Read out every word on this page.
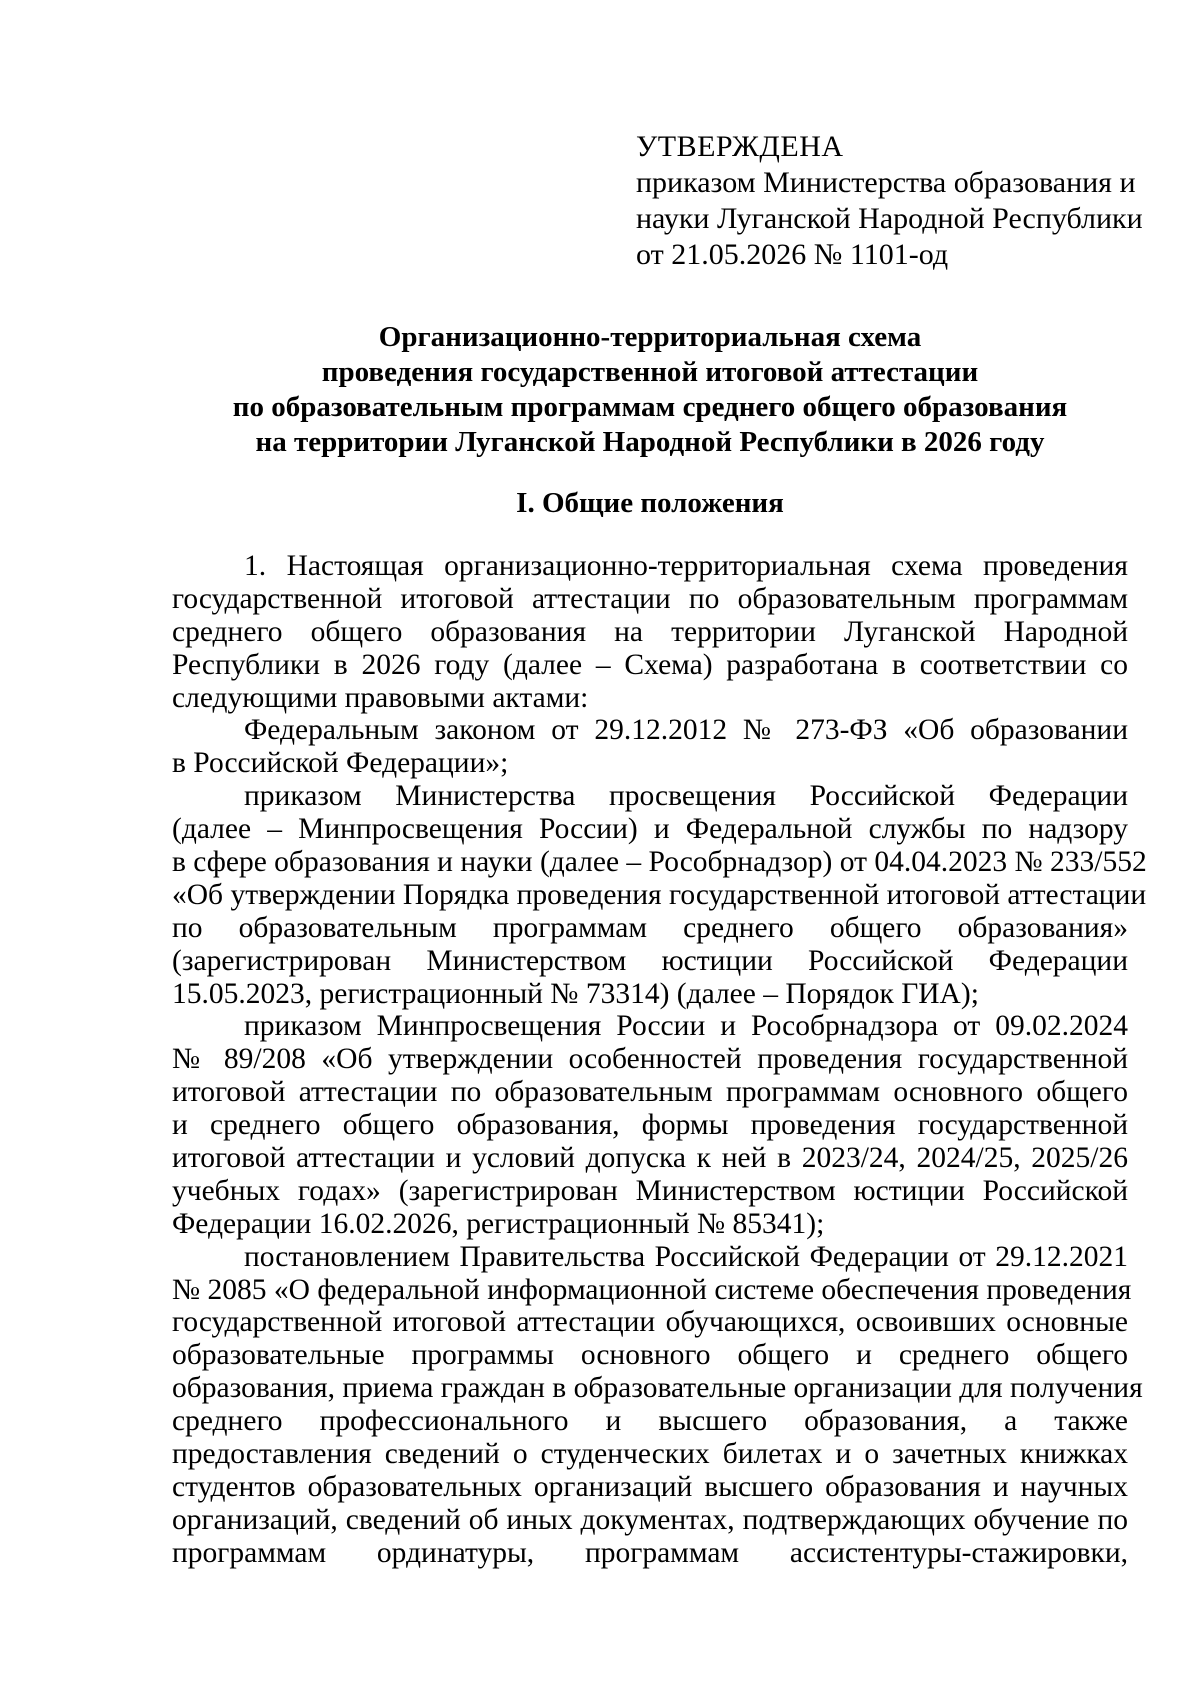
УТВЕРЖДЕНА
приказом Министерства образования и
науки Луганской Народной Республики
от 21.05.2026 № 1101-од
Организационно-территориальная схема
проведения государственной итоговой аттестации
по образовательным программам среднего общего образования
на территории Луганской Народной Республики в 2026 году
I. Общие положения
1. Настоящая организационно-территориальная схема проведения
государственной итоговой аттестации по образовательным программам
среднего общего образования на территории Луганской Народной
Республики в 2026 году (далее – Схема) разработана в соответствии со
следующими правовыми актами:
Федеральным законом от 29.12.2012 № 273-ФЗ «Об образовании
в Российской Федерации»;
приказом Министерства просвещения Российской Федерации
(далее – Минпросвещения России) и Федеральной службы по надзору
в сфере образования и науки (далее – Рособрнадзор) от 04.04.2023 № 233/552
«Об утверждении Порядка проведения государственной итоговой аттестации
по образовательным программам среднего общего образования»
(зарегистрирован Министерством юстиции Российской Федерации
15.05.2023, регистрационный № 73314) (далее – Порядок ГИА);
приказом Минпросвещения России и Рособрнадзора от 09.02.2024
№ 89/208 «Об утверждении особенностей проведения государственной
итоговой аттестации по образовательным программам основного общего
и среднего общего образования, формы проведения государственной
итоговой аттестации и условий допуска к ней в 2023/24, 2024/25, 2025/26
учебных годах» (зарегистрирован Министерством юстиции Российской
Федерации 16.02.2026, регистрационный № 85341);
постановлением Правительства Российской Федерации от 29.12.2021
№ 2085 «О федеральной информационной системе обеспечения проведения
государственной итоговой аттестации обучающихся, освоивших основные
образовательные программы основного общего и среднего общего
образования, приема граждан в образовательные организации для получения
среднего профессионального и высшего образования, а также
предоставления сведений о студенческих билетах и о зачетных книжках
студентов образовательных организаций высшего образования и научных
организаций, сведений об иных документах, подтверждающих обучение по
программам ординатуры, программам ассистентуры-стажировки,
